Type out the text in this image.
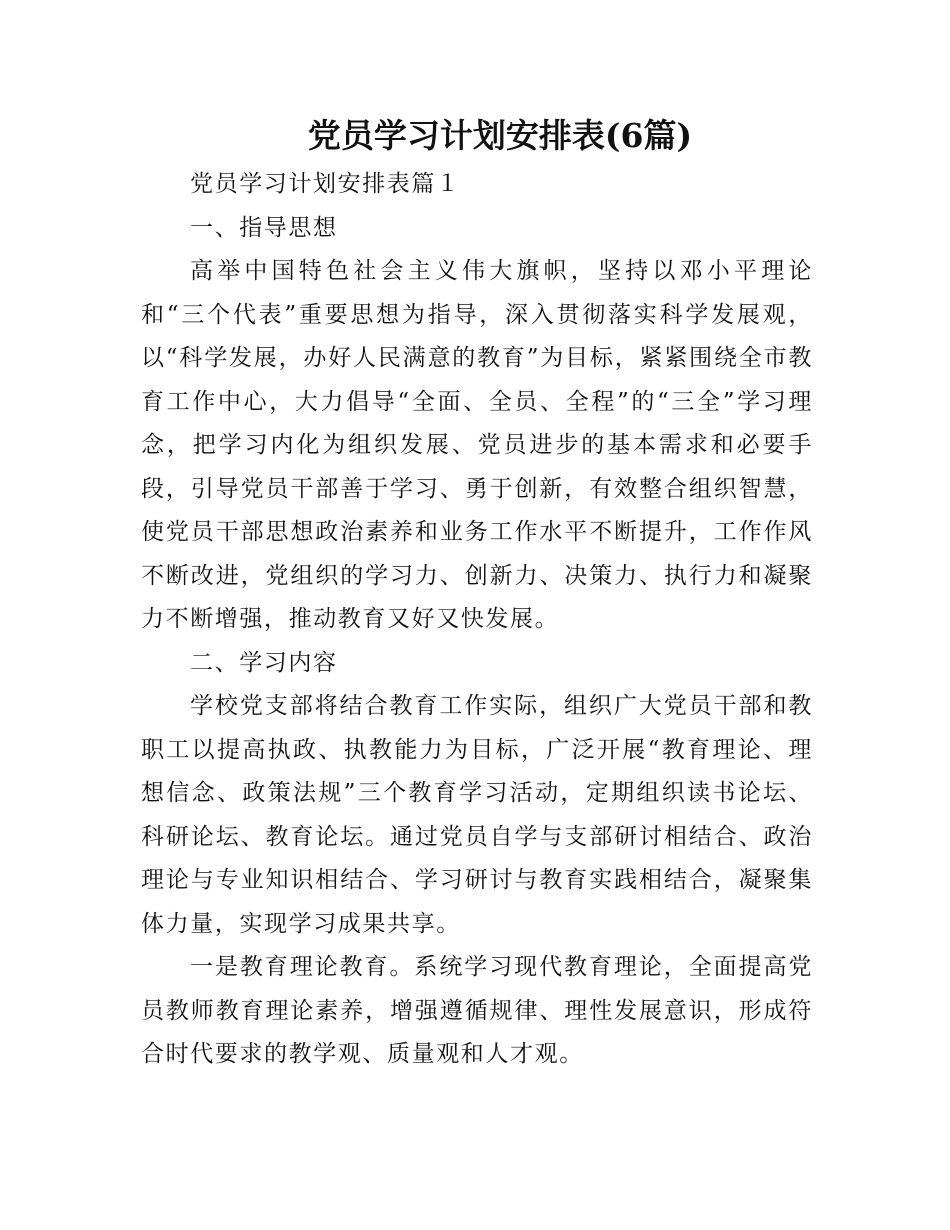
党员学习计划安排表(6篇)

党员学习计划安排表篇１

一、指导思想

高举中国特色社会主义伟大旗帜，坚持以邓小平理论和“三个代表”重要思想为指导，深入贯彻落实科学发展观，以“科学发展，办好人民满意的教育”为目标，紧紧围绕全市教育工作中心，大力倡导“全面、全员、全程”的“三全”学习理念，把学习内化为组织发展、党员进步的基本需求和必要手段，引导党员干部善于学习、勇于创新，有效整合组织智慧，使党员干部思想政治素养和业务工作水平不断提升，工作作风不断改进，党组织的学习力、创新力、决策力、执行力和凝聚力不断增强，推动教育又好又快发展。

二、学习内容

学校党支部将结合教育工作实际，组织广大党员干部和教职工以提高执政、执教能力为目标，广泛开展“教育理论、理想信念、政策法规”三个教育学习活动，定期组织读书论坛、科研论坛、教育论坛。通过党员自学与支部研讨相结合、政治理论与专业知识相结合、学习研讨与教育实践相结合，凝聚集体力量，实现学习成果共享。

一是教育理论教育。系统学习现代教育理论，全面提高党员教师教育理论素养，增强遵循规律、理性发展意识，形成符合时代要求的教学观、质量观和人才观。
